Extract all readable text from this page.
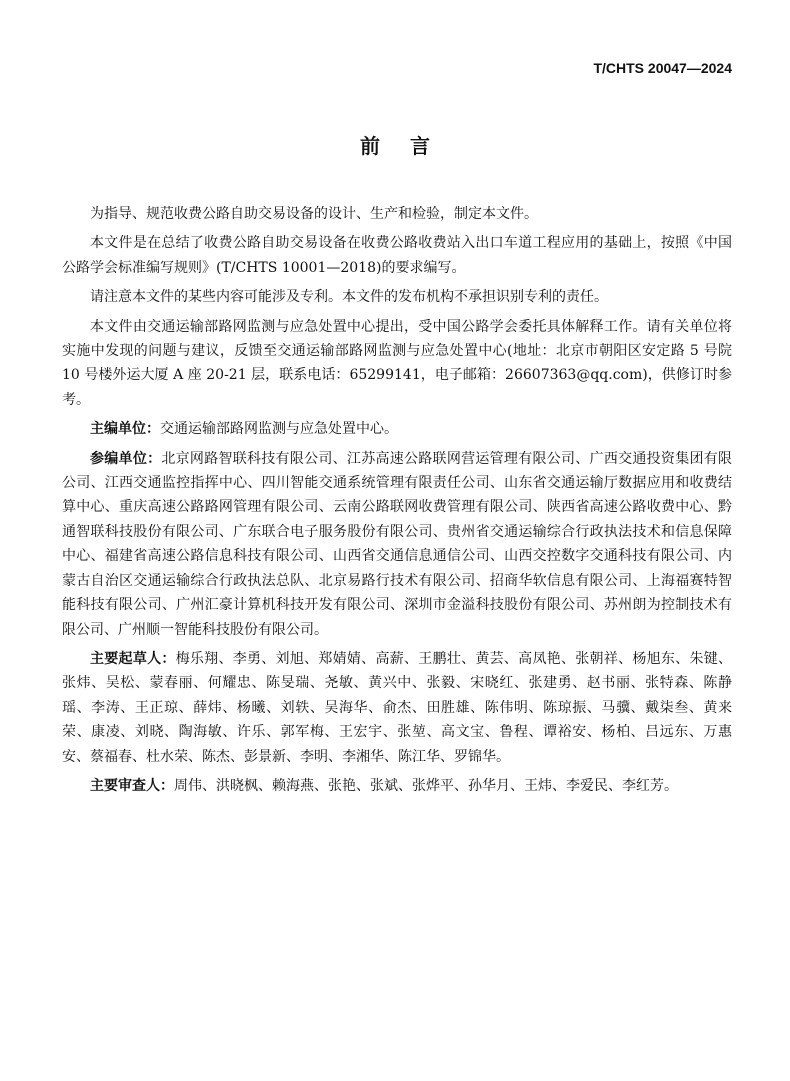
T/CHTS 20047—2024
前言

为指导、规范收费公路自助交易设备的设计、生产和检验，制定本文件。

本文件是在总结了收费公路自助交易设备在收费公路收费站入出口车道工程应用的基础上，按照《中国公路学会标准编写规则》(T/CHTS 10001—2018)的要求编写。

请注意本文件的某些内容可能涉及专利。本文件的发布机构不承担识别专利的责任。

本文件由交通运输部路网监测与应急处置中心提出，受中国公路学会委托具体解释工作。请有关单位将实施中发现的问题与建议，反馈至交通运输部路网监测与应急处置中心(地址：北京市朝阳区安定路 5 号院 10 号楼外运大厦 A 座 20-21 层，联系电话：65299141，电子邮箱：26607363@qq.com)，供修订时参考。

主编单位：交通运输部路网监测与应急处置中心。

参编单位：北京网路智联科技有限公司、江苏高速公路联网营运管理有限公司、广西交通投资集团有限公司、江西交通监控指挥中心、四川智能交通系统管理有限责任公司、山东省交通运输厅数据应用和收费结算中心、重庆高速公路路网管理有限公司、云南公路联网收费管理有限公司、陕西省高速公路收费中心、黔通智联科技股份有限公司、广东联合电子服务股份有限公司、贵州省交通运输综合行政执法技术和信息保障中心、福建省高速公路信息科技有限公司、山西省交通信息通信公司、山西交控数字交通科技有限公司、内蒙古自治区交通运输综合行政执法总队、北京易路行技术有限公司、招商华软信息有限公司、上海福赛特智能科技有限公司、广州汇豪计算机科技开发有限公司、深圳市金溢科技股份有限公司、苏州朗为控制技术有限公司、广州顺一智能科技股份有限公司。

主要起草人：梅乐翔、李勇、刘旭、郑婧婧、高薪、王鹏壮、黄芸、高凤艳、张朝祥、杨旭东、朱键、张炜、吴松、蒙春丽、何耀忠、陈旻瑞、尧敏、黄兴中、张毅、宋晓红、张建勇、赵书丽、张特森、陈静瑶、李涛、王正琼、薛炜、杨曦、刘轶、吴海华、俞杰、田胜雄、陈伟明、陈琼振、马骥、戴柒叁、黄来荣、康凌、刘晓、陶海敏、许乐、郭军梅、王宏宇、张堃、高文宝、鲁程、谭裕安、杨柏、吕远东、万惠安、蔡福春、杜水荣、陈杰、彭景新、李明、李湘华、陈江华、罗锦华。

主要审查人：周伟、洪晓枫、赖海燕、张艳、张斌、张烨平、孙华月、王炜、李爱民、李红芳。
